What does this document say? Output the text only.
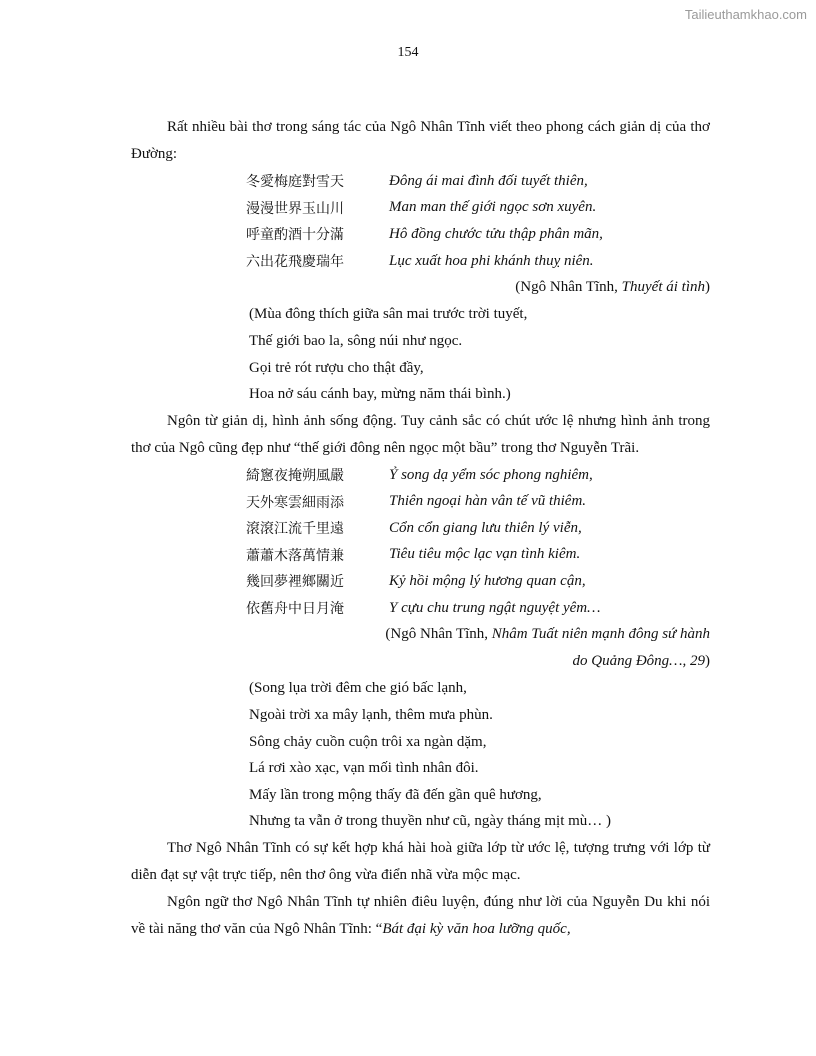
Tailieuthamkhao.com
154

Rất nhiều bài thơ trong sáng tác của Ngô Nhân Tĩnh viết theo phong cách giản dị của thơ Đường:

冬愛梅庭對雪天	Đông ái mai đình đối tuyết thiên,
漫漫世界玉山川	Man man thế giới ngọc sơn xuyên.
呼童酌酒十分滿	Hô đồng chước tửu thập phân mãn,
六出花飛慶瑞年	Lục xuất hoa phi khánh thuỵ niên.
(Ngô Nhân Tĩnh, Thuyết ái tình)
(Mùa đông thích giữa sân mai trước trời tuyết,
Thế giới bao la, sông núi như ngọc.
Gọi trẻ rót rượu cho thật đầy,
Hoa nở sáu cánh bay, mừng năm thái bình.)

Ngôn từ giản dị, hình ảnh sống động. Tuy cảnh sắc có chút ước lệ nhưng hình ảnh trong thơ của Ngô cũng đẹp như “thế giới đông nên ngọc một bầu” trong thơ Nguyễn Trãi.

綺窻夜掩朔風嚴	Ỷ song dạ yểm sóc phong nghiêm,
天外寒雲細雨添	Thiên ngoại hàn vân tế vũ thiêm.
滾滾江流千里遠	Cổn cổn giang lưu thiên lý viễn,
蕭蕭木落萬情兼	Tiêu tiêu mộc lạc vạn tình kiêm.
幾回夢裡鄉關近	Kỷ hồi mộng lý hương quan cận,
依舊舟中日月淹	Y cựu chu trung ngật nguyệt yêm…
(Ngô Nhân Tĩnh, Nhâm Tuất niên mạnh đông sứ hành
do Quảng Đông…, 29)
(Song lụa trời đêm che gió bấc lạnh,
Ngoài trời xa mây lạnh, thêm mưa phùn.
Sông chảy cuồn cuộn trôi xa ngàn dặm,
Lá rơi xào xạc, vạn mối tình nhân đôi.
Mấy lần trong mộng thấy đã đến gần quê hương,
Nhưng ta vẫn ở trong thuyền như cũ, ngày tháng mịt mù… )

Thơ Ngô Nhân Tĩnh có sự kết hợp khá hài hoà giữa lớp từ ước lệ, tượng trưng với lớp từ diễn đạt sự vật trực tiếp, nên thơ ông vừa điển nhã vừa mộc mạc.

Ngôn ngữ thơ Ngô Nhân Tĩnh tự nhiên điêu luyện, đúng như lời của Nguyễn Du khi nói về tài năng thơ văn của Ngô Nhân Tĩnh: “Bát đại kỳ văn hoa lưỡng quốc,
